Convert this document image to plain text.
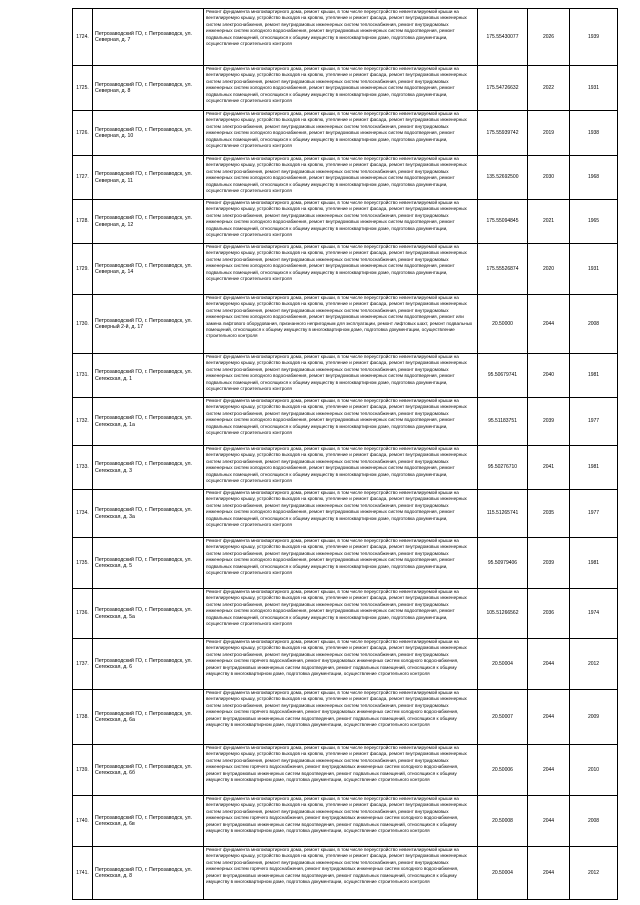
1724.	Петрозаводский ГО, г. Петрозаводск, ул. Северная, д. 7	Ремонт фундамента многоквартирного дома, ремонт крыши, в том числе переустройство невентилируемой крыши на вентилируемую крышу, устройство выходов на кровлю, утепление и ремонт фасада, ремонт внутридомовых инженерных систем электроснабжения, ремонт внутридомовых инженерных систем теплоснабжения, ремонт внутридомовых инженерных систем холодного водоснабжения, ремонт внутридомовых инженерных систем водоотведения, ремонт подвальных помещений, относящихся к общему имуществу в многоквартирном доме, подготовка документации, осуществление строительного контроля	175.55430077	2026	1939
1725.	Петрозаводский ГО, г. Петрозаводск, ул. Северная, д. 8	Ремонт фундамента многоквартирного дома, ремонт крыши, в том числе переустройство невентилируемой крыши на вентилируемую крышу, устройство выходов на кровлю, утепление и ремонт фасада, ремонт внутридомовых инженерных систем электроснабжения, ремонт внутридомовых инженерных систем теплоснабжения, ремонт внутридомовых инженерных систем холодного водоснабжения, ремонт внутридомовых инженерных систем водоотведения, ремонт подвальных помещений, относящихся к общему имуществу в многоквартирном доме, подготовка документации, осуществление строительного контроля	175.54726632	2022	1931
1726.	Петрозаводский ГО, г. Петрозаводск, ул. Северная, д. 10	Ремонт фундамента многоквартирного дома, ремонт крыши, в том числе переустройство невентилируемой крыши на вентилируемую крышу, устройство выходов на кровлю, утепление и ремонт фасада, ремонт внутридомовых инженерных систем электроснабжения, ремонт внутридомовых инженерных систем теплоснабжения, ремонт внутридомовых инженерных систем холодного водоснабжения, ремонт внутридомовых инженерных систем водоотведения, ремонт подвальных помещений, относящихся к общему имуществу в многоквартирном доме, подготовка документации, осуществление строительного контроля	175.55939742	2019	1938
1727.	Петрозаводский ГО, г. Петрозаводск, ул. Северная, д. 11	Ремонт фундамента многоквартирного дома, ремонт крыши, в том числе переустройство невентилируемой крыши на вентилируемую крышу, устройство выходов на кровлю, утепление и ремонт фасада, ремонт внутридомовых инженерных систем электроснабжения, ремонт внутридомовых инженерных систем теплоснабжения, ремонт внутридомовых инженерных систем холодного водоснабжения, ремонт внутридомовых инженерных систем водоотведения, ремонт подвальных помещений, относящихся к общему имуществу в многоквартирном доме, подготовка документации, осуществление строительного контроля	135.52692500	2030	1968
1728.	Петрозаводский ГО, г. Петрозаводск, ул. Северная, д. 12	Ремонт фундамента многоквартирного дома, ремонт крыши, в том числе переустройство невентилируемой крыши на вентилируемую крышу, устройство выходов на кровлю, утепление и ремонт фасада, ремонт внутридомовых инженерных систем электроснабжения, ремонт внутридомовых инженерных систем теплоснабжения, ремонт внутридомовых инженерных систем холодного водоснабжения, ремонт внутридомовых инженерных систем водоотведения, ремонт подвальных помещений, относящихся к общему имуществу в многоквартирном доме, подготовка документации, осуществление строительного контроля	175.55094845	2021	1965
1729.	Петрозаводский ГО, г. Петрозаводск, ул. Северная, д. 14	Ремонт фундамента многоквартирного дома, ремонт крыши, в том числе переустройство невентилируемой крыши на вентилируемую крышу, устройство выходов на кровлю, утепление и ремонт фасада, ремонт внутридомовых инженерных систем электроснабжения, ремонт внутридомовых инженерных систем теплоснабжения, ремонт внутридомовых инженерных систем холодного водоснабжения, ремонт внутридомовых инженерных систем водоотведения, ремонт подвальных помещений, относящихся к общему имуществу в многоквартирном доме, подготовка документации, осуществление строительного контроля	175.55526874	2020	1931
1730.	Петрозаводский ГО, г. Петрозаводск, ул. Северный 2-й, д. 17	Ремонт фундамента многоквартирного дома, ремонт крыши, в том числе переустройство невентилируемой крыши на вентилируемую крышу, устройство выходов на кровлю, утепление и ремонт фасада, ремонт внутридомовых инженерных систем электроснабжения, ремонт внутридомовых инженерных систем теплоснабжения, ремонт внутридомовых инженерных систем холодного водоснабжения, ремонт внутридомовых инженерных систем водоотведения, ремонт или замена лифтового оборудования, признанного непригодным для эксплуатации, ремонт лифтовых шахт, ремонт подвальных помещений, относящихся к общему имуществу в многоквартирном доме, подготовка документации, осуществление строительного контроля	20.50000	2044	2008
1731.	Петрозаводский ГО, г. Петрозаводск, ул. Сегежская, д. 1	Ремонт фундамента многоквартирного дома, ремонт крыши, в том числе переустройство невентилируемой крыши на вентилируемую крышу, устройство выходов на кровлю, утепление и ремонт фасада, ремонт внутридомовых инженерных систем электроснабжения, ремонт внутридомовых инженерных систем теплоснабжения, ремонт внутридомовых инженерных систем холодного водоснабжения, ремонт внутридомовых инженерных систем водоотведения, ремонт подвальных помещений, относящихся к общему имуществу в многоквартирном доме, подготовка документации, осуществление строительного контроля	95.50679741	2040	1981
1732.	Петрозаводский ГО, г. Петрозаводск, ул. Сегежская, д. 1а	Ремонт фундамента многоквартирного дома, ремонт крыши, в том числе переустройство невентилируемой крыши на вентилируемую крышу, устройство выходов на кровлю, утепление и ремонт фасада, ремонт внутридомовых инженерных систем электроснабжения, ремонт внутридомовых инженерных систем теплоснабжения, ремонт внутридомовых инженерных систем холодного водоснабжения, ремонт внутридомовых инженерных систем водоотведения, ремонт подвальных помещений, относящихся к общему имуществу в многоквартирном доме, подготовка документации, осуществление строительного контроля	95.51183751	2039	1977
1733.	Петрозаводский ГО, г. Петрозаводск, ул. Сегежская, д. 3	Ремонт фундамента многоквартирного дома, ремонт крыши, в том числе переустройство невентилируемой крыши на вентилируемую крышу, устройство выходов на кровлю, утепление и ремонт фасада, ремонт внутридомовых инженерных систем электроснабжения, ремонт внутридомовых инженерных систем теплоснабжения, ремонт внутридомовых инженерных систем холодного водоснабжения, ремонт внутридомовых инженерных систем водоотведения, ремонт подвальных помещений, относящихся к общему имуществу в многоквартирном доме, подготовка документации, осуществление строительного контроля	95.50276710	2041	1981
1734.	Петрозаводский ГО, г. Петрозаводск, ул. Сегежская, д. 3а	Ремонт фундамента многоквартирного дома, ремонт крыши, в том числе переустройство невентилируемой крыши на вентилируемую крышу, устройство выходов на кровлю, утепление и ремонт фасада, ремонт внутридомовых инженерных систем электроснабжения, ремонт внутридомовых инженерных систем теплоснабжения, ремонт внутридомовых инженерных систем холодного водоснабжения, ремонт внутридомовых инженерных систем водоотведения, ремонт подвальных помещений, относящихся к общему имуществу в многоквартирном доме, подготовка документации, осуществление строительного контроля	115.51265741	2035	1977
1735.	Петрозаводский ГО, г. Петрозаводск, ул. Сегежская, д. 5	Ремонт фундамента многоквартирного дома, ремонт крыши, в том числе переустройство невентилируемой крыши на вентилируемую крышу, устройство выходов на кровлю, утепление и ремонт фасада, ремонт внутридомовых инженерных систем электроснабжения, ремонт внутридомовых инженерных систем теплоснабжения, ремонт внутридомовых инженерных систем холодного водоснабжения, ремонт внутридомовых инженерных систем водоотведения, ремонт подвальных помещений, относящихся к общему имуществу в многоквартирном доме, подготовка документации, осуществление строительного контроля	95.50979406	2039	1981
1736.	Петрозаводский ГО, г. Петрозаводск, ул. Сегежская, д. 5а	Ремонт фундамента многоквартирного дома, ремонт крыши, в том числе переустройство невентилируемой крыши на вентилируемую крышу, устройство выходов на кровлю, утепление и ремонт фасада, ремонт внутридомовых инженерных систем электроснабжения, ремонт внутридомовых инженерных систем теплоснабжения, ремонт внутридомовых инженерных систем холодного водоснабжения, ремонт внутридомовых инженерных систем водоотведения, ремонт подвальных помещений, относящихся к общему имуществу в многоквартирном доме, подготовка документации, осуществление строительного контроля	105.51266562	2036	1974
1737.	Петрозаводский ГО, г. Петрозаводск, ул. Сегежская, д. 6	Ремонт фундамента многоквартирного дома, ремонт крыши, в том числе переустройство невентилируемой крыши на вентилируемую крышу, устройство выходов на кровлю, утепление и ремонт фасада, ремонт внутридомовых инженерных систем электроснабжения, ремонт внутридомовых инженерных систем теплоснабжения, ремонт внутридомовых инженерных систем горячего водоснабжения, ремонт внутридомовых инженерных систем холодного водоснабжения, ремонт внутридомовых инженерных систем водоотведения, ремонт подвальных помещений, относящихся к общему имуществу в многоквартирном доме, подготовка документации, осуществление строительного контроля	20.50004	2044	2012
1738.	Петрозаводский ГО, г. Петрозаводск, ул. Сегежская, д. 6а	Ремонт фундамента многоквартирного дома, ремонт крыши, в том числе переустройство невентилируемой крыши на вентилируемую крышу, устройство выходов на кровлю, утепление и ремонт фасада, ремонт внутридомовых инженерных систем электроснабжения, ремонт внутридомовых инженерных систем теплоснабжения, ремонт внутридомовых инженерных систем горячего водоснабжения, ремонт внутридомовых инженерных систем холодного водоснабжения, ремонт внутридомовых инженерных систем водоотведения, ремонт подвальных помещений, относящихся к общему имуществу в многоквартирном доме, подготовка документации, осуществление строительного контроля	20.50007	2044	2009
1739.	Петрозаводский ГО, г. Петрозаводск, ул. Сегежская, д. 6б	Ремонт фундамента многоквартирного дома, ремонт крыши, в том числе переустройство невентилируемой крыши на вентилируемую крышу, устройство выходов на кровлю, утепление и ремонт фасада, ремонт внутридомовых инженерных систем электроснабжения, ремонт внутридомовых инженерных систем теплоснабжения, ремонт внутридомовых инженерных систем горячего водоснабжения, ремонт внутридомовых инженерных систем холодного водоснабжения, ремонт внутридомовых инженерных систем водоотведения, ремонт подвальных помещений, относящихся к общему имуществу в многоквартирном доме, подготовка документации, осуществление строительного контроля	20.50006	2044	2010
1740.	Петрозаводский ГО, г. Петрозаводск, ул. Сегежская, д. 6в	Ремонт фундамента многоквартирного дома, ремонт крыши, в том числе переустройство невентилируемой крыши на вентилируемую крышу, устройство выходов на кровлю, утепление и ремонт фасада, ремонт внутридомовых инженерных систем электроснабжения, ремонт внутридомовых инженерных систем теплоснабжения, ремонт внутридомовых инженерных систем горячего водоснабжения, ремонт внутридомовых инженерных систем холодного водоснабжения, ремонт внутридомовых инженерных систем водоотведения, ремонт подвальных помещений, относящихся к общему имуществу в многоквартирном доме, подготовка документации, осуществление строительного контроля	20.50008	2044	2008
1741.	Петрозаводский ГО, г. Петрозаводск, ул. Сегежская, д. 8	Ремонт фундамента многоквартирного дома, ремонт крыши, в том числе переустройство невентилируемой крыши на вентилируемую крышу, устройство выходов на кровлю, утепление и ремонт фасада, ремонт внутридомовых инженерных систем электроснабжения, ремонт внутридомовых инженерных систем теплоснабжения, ремонт внутридомовых инженерных систем горячего водоснабжения, ремонт внутридомовых инженерных систем холодного водоснабжения, ремонт внутридомовых инженерных систем водоотведения, ремонт подвальных помещений, относящихся к общему имуществу в многоквартирном доме, подготовка документации, осуществление строительного контроля	20.50004	2044	2012
